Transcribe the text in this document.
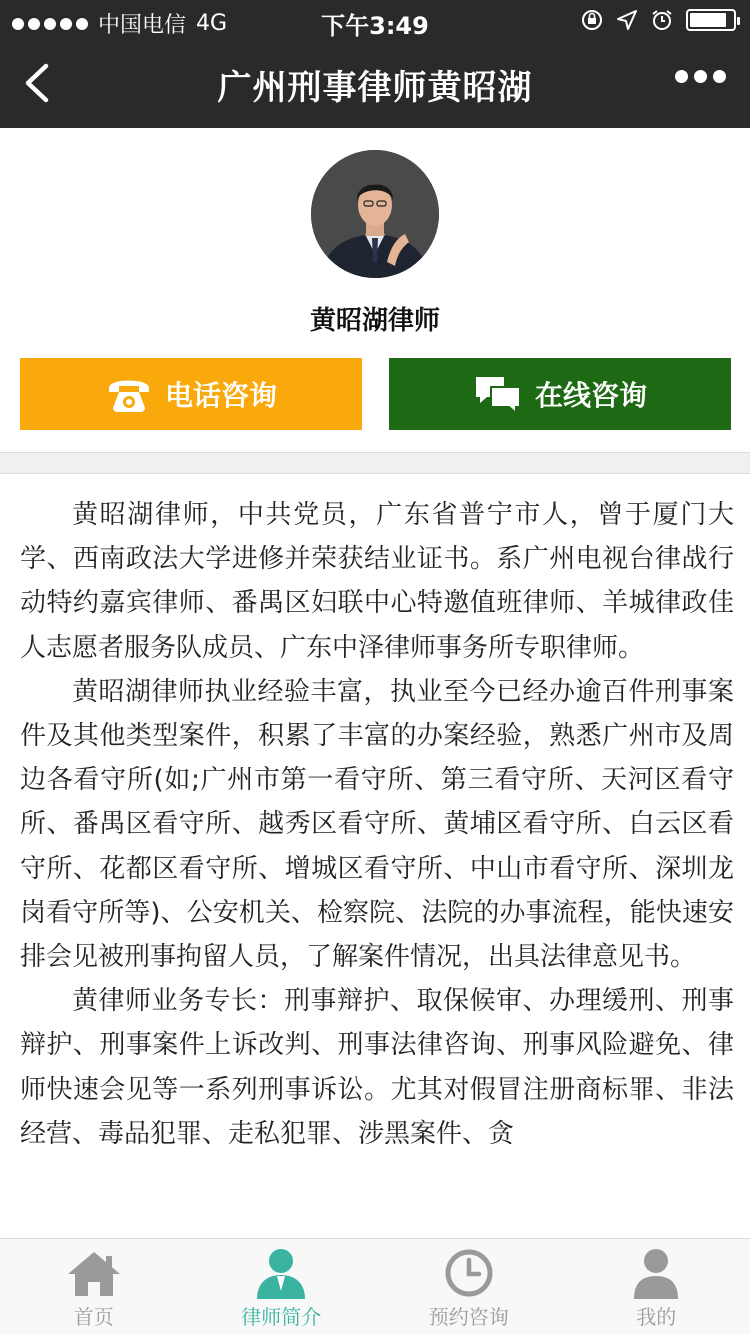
中国电信 4G	下午3:49
广州刑事律师黄昭湖
黄昭湖律师
电话咨询	在线咨询

黄昭湖律师，中共党员，广东省普宁市人，曾于厦门大学、西南政法大学进修并荣获结业证书。系广州电视台律战行动特约嘉宾律师、番禺区妇联中心特邀值班律师、羊城律政佳人志愿者服务队成员、广东中泽律师事务所专职律师。

黄昭湖律师执业经验丰富，执业至今已经办逾百件刑事案件及其他类型案件，积累了丰富的办案经验，熟悉广州市及周边各看守所(如;广州市第一看守所、第三看守所、天河区看守所、番禺区看守所、越秀区看守所、黄埔区看守所、白云区看守所、花都区看守所、增城区看守所、中山市看守所、深圳龙岗看守所等)、公安机关、检察院、法院的办事流程，能快速安排会见被刑事拘留人员，了解案件情况，出具法律意见书。

黄律师业务专长：刑事辩护、取保候审、办理缓刑、刑事辩护、刑事案件上诉改判、刑事法律咨询、刑事风险避免、律师快速会见等一系列刑事诉讼。尤其对假冒注册商标罪、非法经营、毒品犯罪、走私犯罪、涉黑案件、贪

首页	律师简介	预约咨询	我的
